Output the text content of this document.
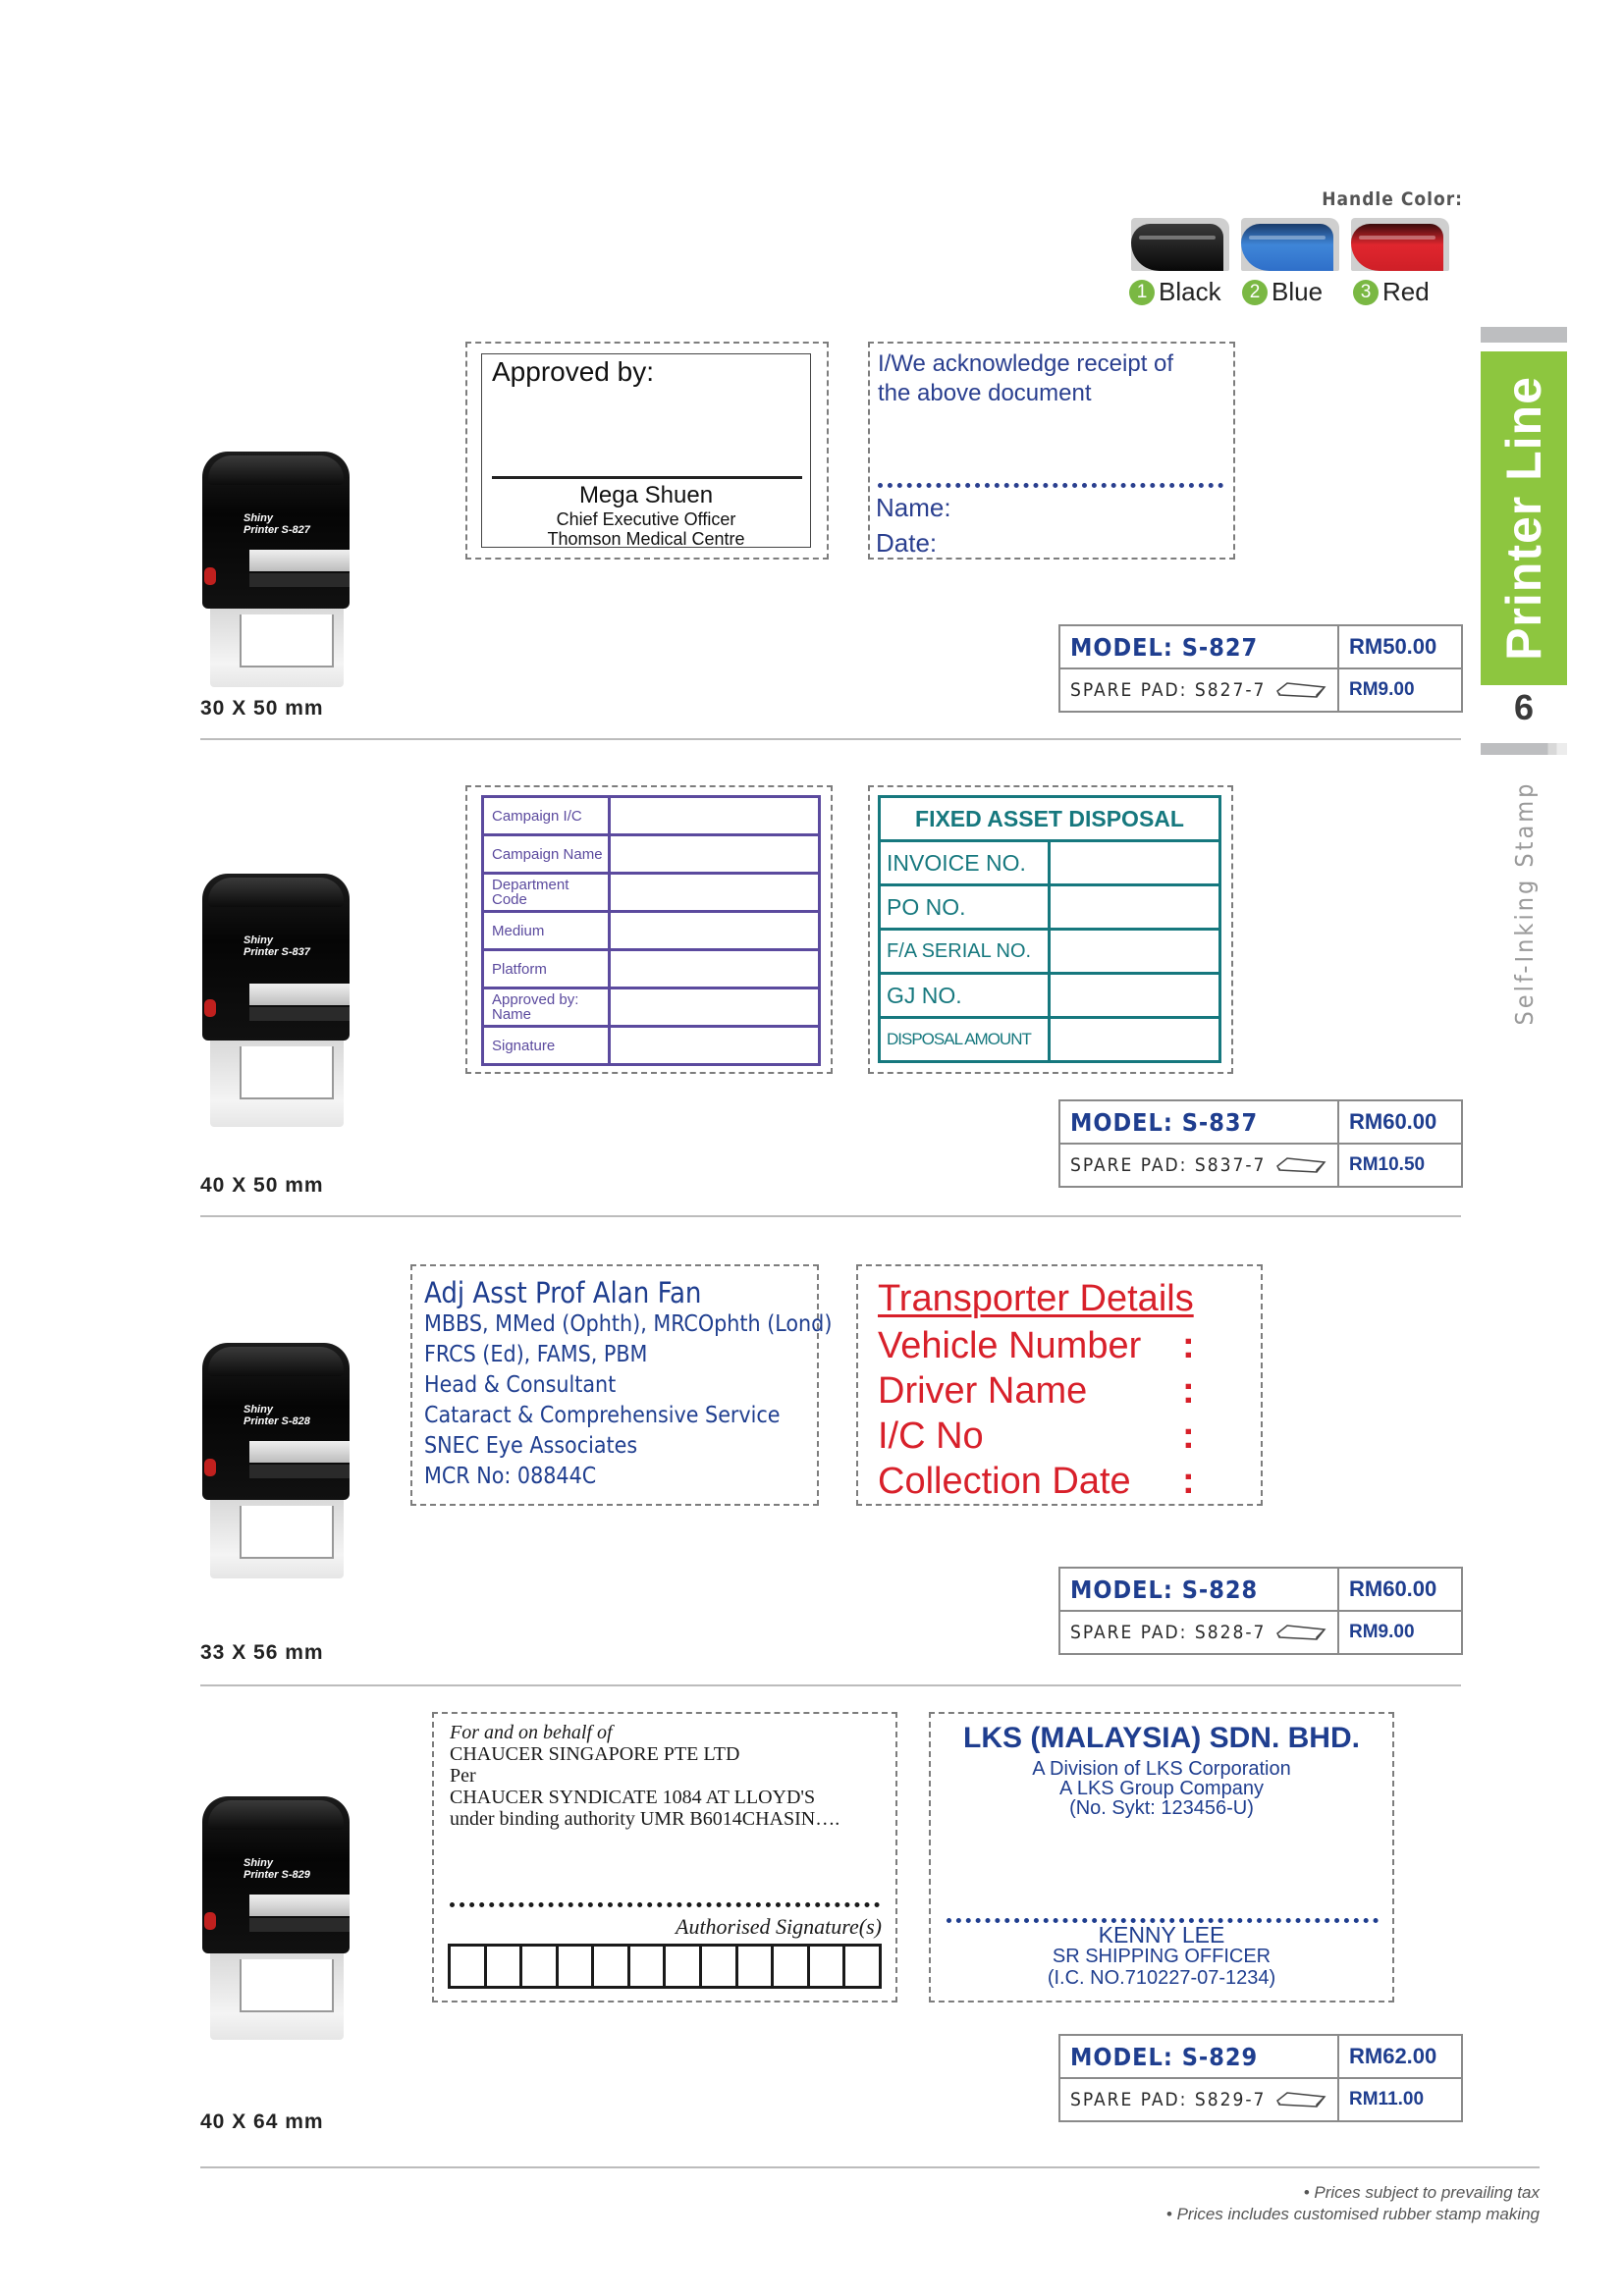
Handle Color:
1 Black	2 Blue	3 Red
Printer Line
6
Self-Inking Stamp
Shiny
Printer S-827
30 X 50 mm
Approved by:
Mega Shuen
Chief Executive Officer
Thomson Medical Centre
I/We acknowledge receipt of
the above document
Name:
Date:
MODEL: S-827	RM50.00
SPARE PAD: S827-7	RM9.00
Shiny
Printer S-837
40 X 50 mm
Campaign I/C
Campaign Name
Department Code
Medium
Platform
Approved by: Name
Signature
FIXED ASSET DISPOSAL
INVOICE NO.
PO NO.
F/A SERIAL NO.
GJ NO.
DISPOSAL AMOUNT
MODEL: S-837	RM60.00
SPARE PAD: S837-7	RM10.50
Shiny
Printer S-828
33 X 56 mm
Adj Asst Prof Alan Fan
MBBS, MMed (Ophth), MRCOphth (Lond)
FRCS (Ed), FAMS, PBM
Head & Consultant
Cataract & Comprehensive Service
SNEC Eye Associates
MCR No: 08844C
Transporter Details
Vehicle Number	:
Driver Name	:
I/C No	:
Collection Date	:
MODEL: S-828	RM60.00
SPARE PAD: S828-7	RM9.00
Shiny
Printer S-829
40 X 64 mm
For and on behalf of
CHAUCER SINGAPORE PTE LTD
Per
CHAUCER SYNDICATE 1084 AT LLOYD'S
under binding authority UMR B6014CHASIN….
Authorised Signature(s)
LKS (MALAYSIA) SDN. BHD.
A Division of LKS Corporation
A LKS Group Company
(No. Sykt: 123456-U)
KENNY LEE
SR SHIPPING OFFICER
(I.C. NO.710227-07-1234)
MODEL: S-829	RM62.00
SPARE PAD: S829-7	RM11.00
• Prices subject to prevailing tax
• Prices includes customised rubber stamp making
